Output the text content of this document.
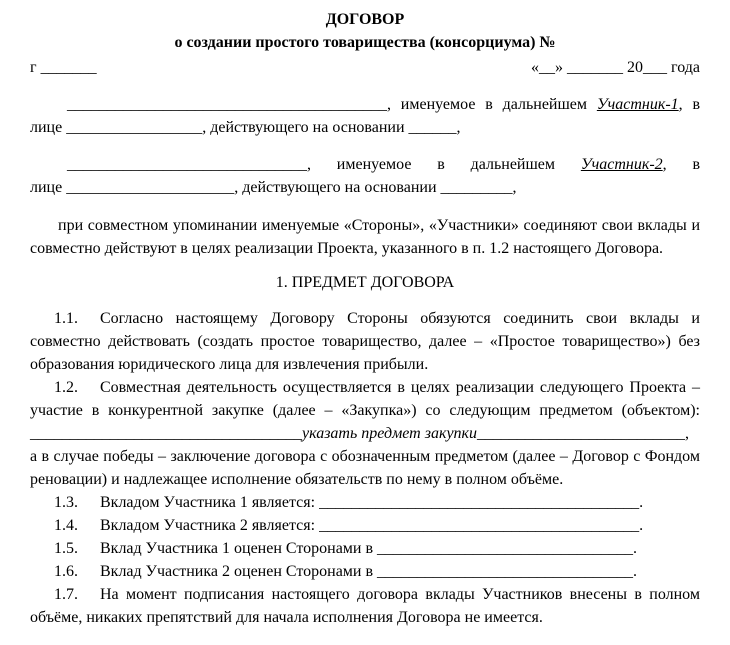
ДОГОВОР
о создании простого товарищества (консорциума) №
г _______	«__» _______ 20___ года

________________________________________, именуемое в дальнейшем Участник-1, в лице _________________, действующего на основании ______,

______________________________, именуемое в дальнейшем Участник-2, в лице _____________________, действующего на основании _________,

при совместном упоминании именуемые «Стороны», «Участники» соединяют свои вклады и совместно действуют в целях реализации Проекта, указанного в п. 1.2 настоящего Договора.

1. ПРЕДМЕТ ДОГОВОРА

1.1. Согласно настоящему Договору Стороны обязуются соединить свои вклады и совместно действовать (создать простое товарищество, далее – «Простое товарищество») без образования юридического лица для извлечения прибыли.

1.2. Совместная деятельность осуществляется в целях реализации следующего Проекта – участие в конкурентной закупке (далее – «Закупка») со следующим предметом (объектом):

__________________________________указать предмет закупки__________________________,

а в случае победы – заключение договора с обозначенным предметом (далее – Договор с Фондом реновации) и надлежащее исполнение обязательств по нему в полном объёме.

1.3. Вкладом Участника 1 является: ________________________________________.

1.4. Вкладом Участника 2 является: ________________________________________.

1.5. Вклад Участника 1 оценен Сторонами в ________________________________.

1.6. Вклад Участника 2 оценен Сторонами в ________________________________.

1.7. На момент подписания настоящего договора вклады Участников внесены в полном объёме, никаких препятствий для начала исполнения Договора не имеется.
